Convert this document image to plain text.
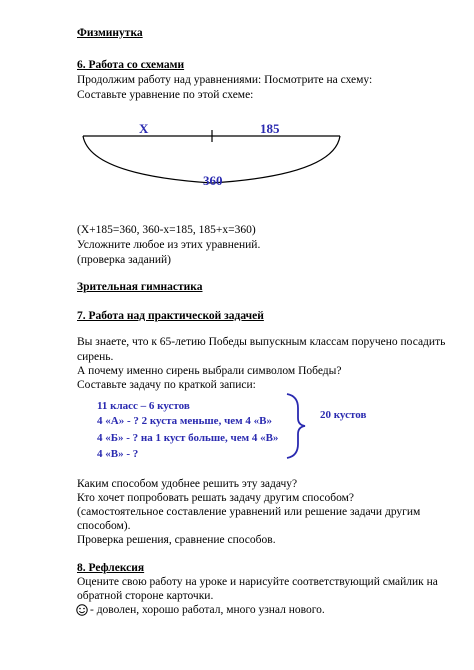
Физминутка
6. Работа со схемами
Продолжим работу над уравнениями: Посмотрите на схему:
Составьте уравнение по этой схеме:
X	185
360
(X+185=360, 360-x=185, 185+x=360)
Усложните любое из этих уравнений.
(проверка заданий)
Зрительная гимнастика
7. Работа над практической задачей
Вы знаете, что к 65-летию Победы выпускным классам поручено посадить
сирень.
А почему именно сирень выбрали символом Победы?
Составьте задачу по краткой записи:
11 класс – 6 кустов
4 «А» - ? 2 куста меньше, чем 4 «В»
4 «Б» - ? на 1 куст больше, чем 4 «В»
4 «В» - ?
20 кустов
Каким способом удобнее решить эту задачу?
Кто хочет попробовать решать задачу другим способом?
(самостоятельное составление уравнений или решение задачи другим
способом).
Проверка решения, сравнение способов.
8. Рефлексия
Оцените свою работу на уроке и нарисуйте соответствующий смайлик на
обратной стороне карточки.
- доволен, хорошо работал, много узнал нового.
